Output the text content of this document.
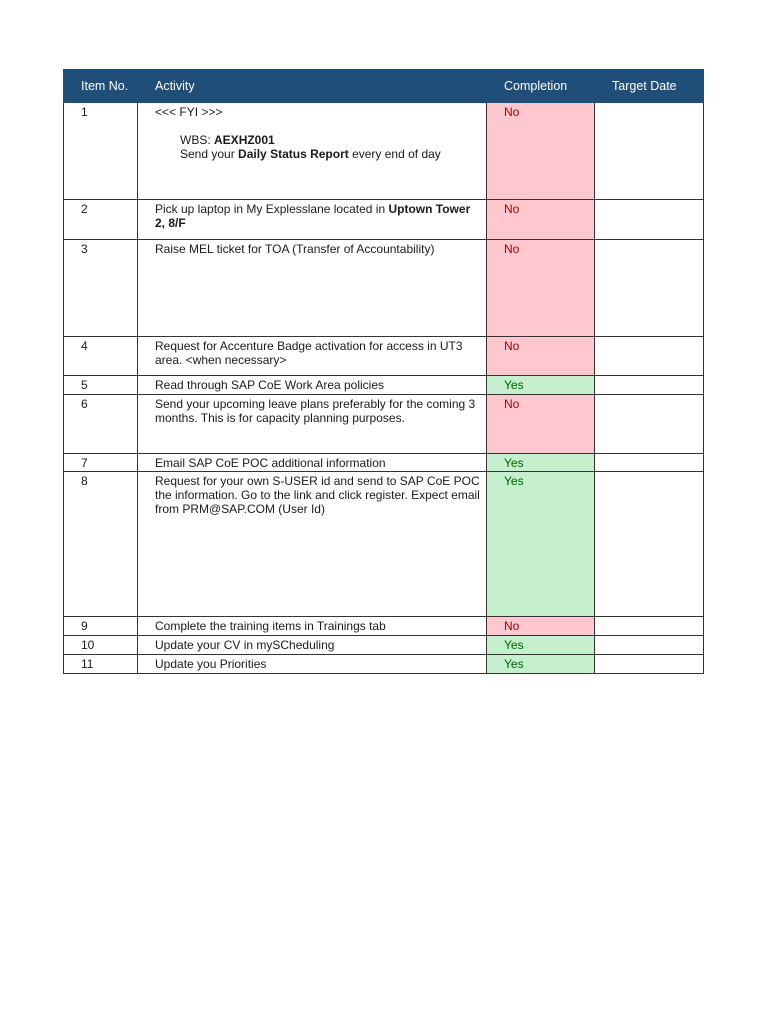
Item No.	Activity	Completion	Target Date
1	<<< FYI >>>
WBS: AEXHZ001
Send your Daily Status Report every end of day	No	
2	Pick up laptop in My Explesslane located in Uptown Tower 2, 8/F	No	
3	Raise MEL ticket for TOA (Transfer of Accountability)	No	
4	Request for Accenture Badge activation for access in UT3 area. <when necessary>	No	
5	Read through SAP CoE Work Area policies	Yes	
6	Send your upcoming leave plans preferably for the coming 3 months. This is for capacity planning purposes.	No	
7	Email SAP CoE POC additional information	Yes	
8	Request for your own S-USER id and send to SAP CoE POC the information. Go to the link and click register. Expect email from PRM@SAP.COM (User Id)	Yes	
9	Complete the training items in Trainings tab	No	
10	Update your CV in mySCheduling	Yes	
11	Update you Priorities	Yes	
